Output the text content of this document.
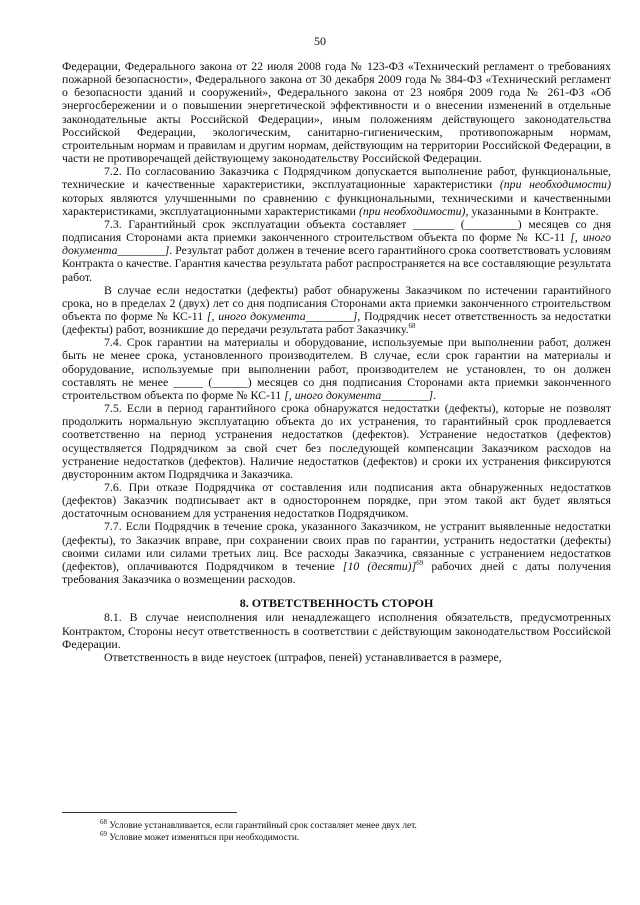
50

Федерации, Федерального закона от 22 июля 2008 года № 123-ФЗ «Технический регламент о требованиях пожарной безопасности», Федерального закона от 30 декабря 2009 года № 384-ФЗ «Технический регламент о безопасности зданий и сооружений», Федерального закона от 23 ноября 2009 года № 261-ФЗ «Об энергосбережении и о повышении энергетической эффективности и о внесении изменений в отдельные законодательные акты Российской Федерации», иным положениям действующего законодательства Российской Федерации, экологическим, санитарно-гигиеническим, противопожарным нормам, строительным нормам и правилам и другим нормам, действующим на территории Российской Федерации, в части не противоречащей действующему законодательству Российской Федерации.

7.2. По согласованию Заказчика с Подрядчиком допускается выполнение работ, функциональные, технические и качественные характеристики, эксплуатационные характеристики (при необходимости) которых являются улучшенными по сравнению с функциональными, техническими и качественными характеристиками, эксплуатационными характеристиками (при необходимости), указанными в Контракте.

7.3. Гарантийный срок эксплуатации объекта составляет _______ (_________) месяцев со дня подписания Сторонами акта приемки законченного строительством объекта по форме № КС-11 [, иного документа________]. Результат работ должен в течение всего гарантийного срока соответствовать условиям Контракта о качестве. Гарантия качества результата работ распространяется на все составляющие результата работ.

В случае если недостатки (дефекты) работ обнаружены Заказчиком по истечении гарантийного срока, но в пределах 2 (двух) лет со дня подписания Сторонами акта приемки законченного строительством объекта по форме № КС-11 [, иного документа________], Подрядчик несет ответственность за недостатки (дефекты) работ, возникшие до передачи результата работ Заказчику.$^{68}$

7.4. Срок гарантии на материалы и оборудование, используемые при выполнении работ, должен быть не менее срока, установленного производителем. В случае, если срок гарантии на материалы и оборудование, используемые при выполнении работ, производителем не установлен, то он должен составлять не менее _____ (______) месяцев со дня подписания Сторонами акта приемки законченного строительством объекта по форме № КС-11 [, иного документа________].

7.5. Если в период гарантийного срока обнаружатся недостатки (дефекты), которые не позволят продолжить нормальную эксплуатацию объекта до их устранения, то гарантийный срок продлевается соответственно на период устранения недостатков (дефектов). Устранение недостатков (дефектов) осуществляется Подрядчиком за свой счет без последующей компенсации Заказчиком расходов на устранение недостатков (дефектов). Наличие недостатков (дефектов) и сроки их устранения фиксируются двусторонним актом Подрядчика и Заказчика.

7.6. При отказе Подрядчика от составления или подписания акта обнаруженных недостатков (дефектов) Заказчик подписывает акт в одностороннем порядке, при этом такой акт будет являться достаточным основанием для устранения недостатков Подрядчиком.

7.7. Если Подрядчик в течение срока, указанного Заказчиком, не устранит выявленные недостатки (дефекты), то Заказчик вправе, при сохранении своих прав по гарантии, устранить недостатки (дефекты) своими силами или силами третьих лиц. Все расходы Заказчика, связанные с устранением недостатков (дефектов), оплачиваются Подрядчиком в течение [10 (десяти)]$^{69}$ рабочих дней с даты получения требования Заказчика о возмещении расходов.

8. ОТВЕТСТВЕННОСТЬ СТОРОН

8.1. В случае неисполнения или ненадлежащего исполнения обязательств, предусмотренных Контрактом, Стороны несут ответственность в соответствии с действующим законодательством Российской Федерации.

Ответственность в виде неустоек (штрафов, пеней) устанавливается в размере,

$^{68}$ Условие устанавливается, если гарантийный срок составляет менее двух лет.

$^{69}$ Условие может изменяться при необходимости.
